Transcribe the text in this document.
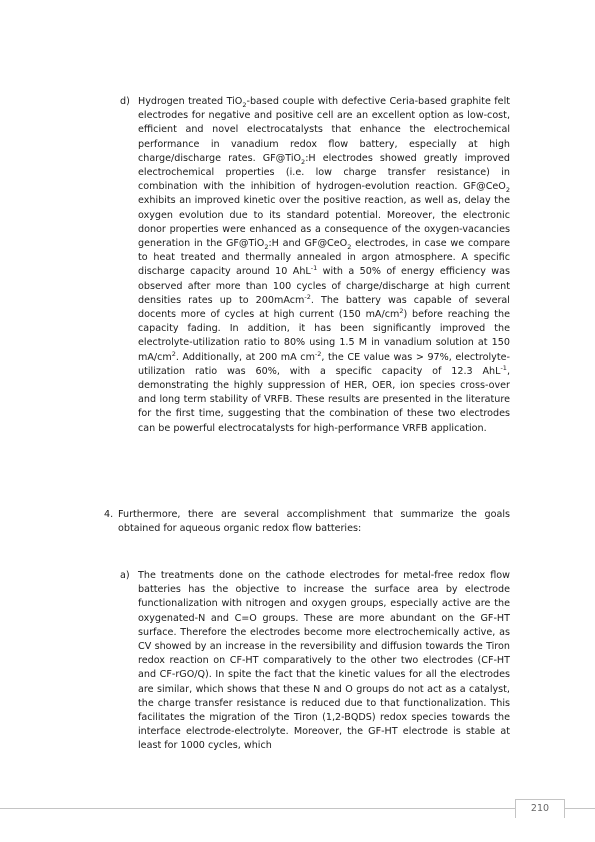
d) Hydrogen treated TiO$_2$-based couple with defective Ceria-based graphite felt electrodes for negative and positive cell are an excellent option as low-cost, efficient and novel electrocatalysts that enhance the electrochemical performance in vanadium redox flow battery, especially at high charge/discharge rates. GF@TiO$_2$:H electrodes showed greatly improved electrochemical properties (i.e. low charge transfer resistance) in combination with the inhibition of hydrogen-evolution reaction. GF@CeO$_2$ exhibits an improved kinetic over the positive reaction, as well as, delay the oxygen evolution due to its standard potential. Moreover, the electronic donor properties were enhanced as a consequence of the oxygen-vacancies generation in the GF@TiO$_2$:H and GF@CeO$_2$ electrodes, in case we compare to heat treated and thermally annealed in argon atmosphere. A specific discharge capacity around 10 AhL$^{-1}$ with a 50% of energy efficiency was observed after more than 100 cycles of charge/discharge at high current densities rates up to 200mAcm$^{-2}$. The battery was capable of several docents more of cycles at high current (150 $mA/cm^2$) before reaching the capacity fading. In addition, it has been significantly improved the electrolyte-utilization ratio to 80% using 1.5 M in vanadium solution at 150 $mA/cm^2$. Additionally, at 200 mA $cm^{-2}$, the CE value was > 97%, electrolyte-utilization ratio was 60%, with a specific capacity of 12.3 AhL$^{-1}$, demonstrating the highly suppression of HER, OER, ion species cross-over and long term stability of VRFB. These results are presented in the literature for the first time, suggesting that the combination of these two electrodes can be powerful electrocatalysts for high-performance VRFB application.
4. Furthermore, there are several accomplishment that summarize the goals obtained for aqueous organic redox flow batteries:
a) The treatments done on the cathode electrodes for metal-free redox flow batteries has the objective to increase the surface area by electrode functionalization with nitrogen and oxygen groups, especially active are the oxygenated-N and C=O groups. These are more abundant on the GF-HT surface. Therefore the electrodes become more electrochemically active, as CV showed by an increase in the reversibility and diffusion towards the Tiron redox reaction on CF-HT comparatively to the other two electrodes (CF-HT and CF-rGO/Q). In spite the fact that the kinetic values for all the electrodes are similar, which shows that these N and O groups do not act as a catalyst, the charge transfer resistance is reduced due to that functionalization. This facilitates the migration of the Tiron (1,2-BQDS) redox species towards the interface electrode-electrolyte. Moreover, the GF-HT electrode is stable at least for 1000 cycles, which
210
